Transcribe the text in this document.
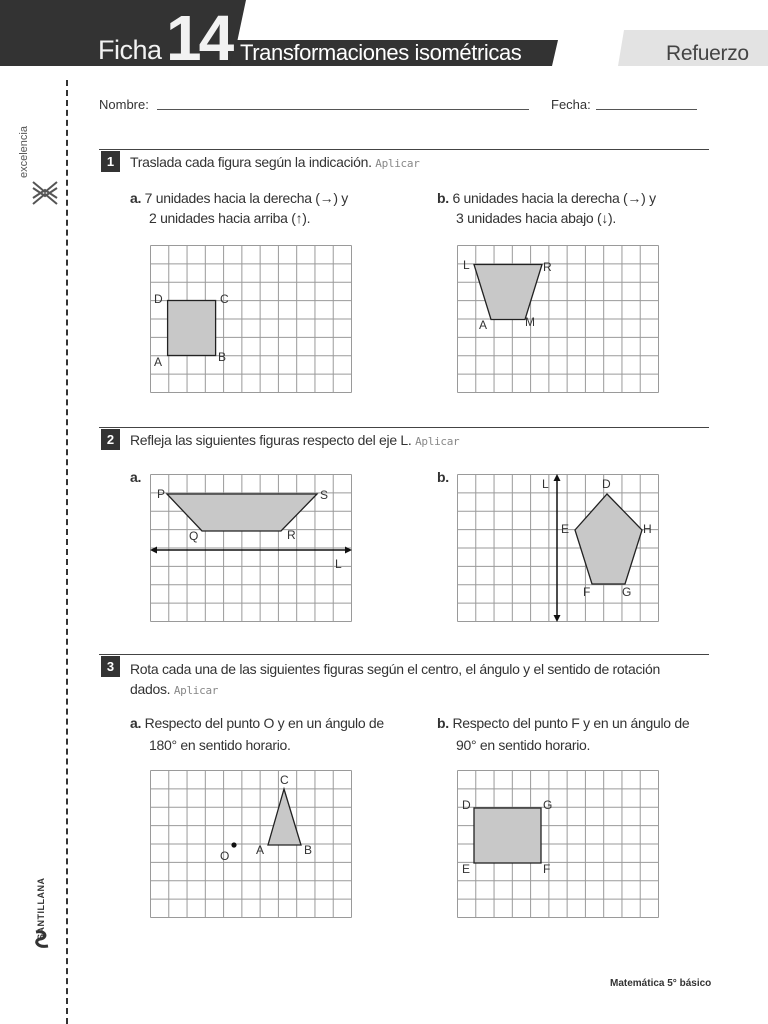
Ficha 14 Transformaciones isométricas	Refuerzo
excelencia
SANTILLANA
Nombre:	Fecha:
1	Traslada cada figura según la indicación. Aplicar
a. 7 unidades hacia la derecha (→) y
2 unidades hacia arriba (↑).
b. 6 unidades hacia la derecha (→) y
3 unidades hacia abajo (↓).
D	C
A	B
L	R
A	M
2	Refleja las siguientes figuras respecto del eje L. Aplicar
a.	b.
P	S
Q	R
L
L	D
E	H
F	G
3	Rota cada una de las siguientes figuras según el centro, el ángulo y el sentido de rotación
dados. Aplicar
a. Respecto del punto O y en un ángulo de
180° en sentido horario.
b. Respecto del punto F y en un ángulo de
90° en sentido horario.
C
A	B
O
D	G
E	F
Matemática 5° básico
